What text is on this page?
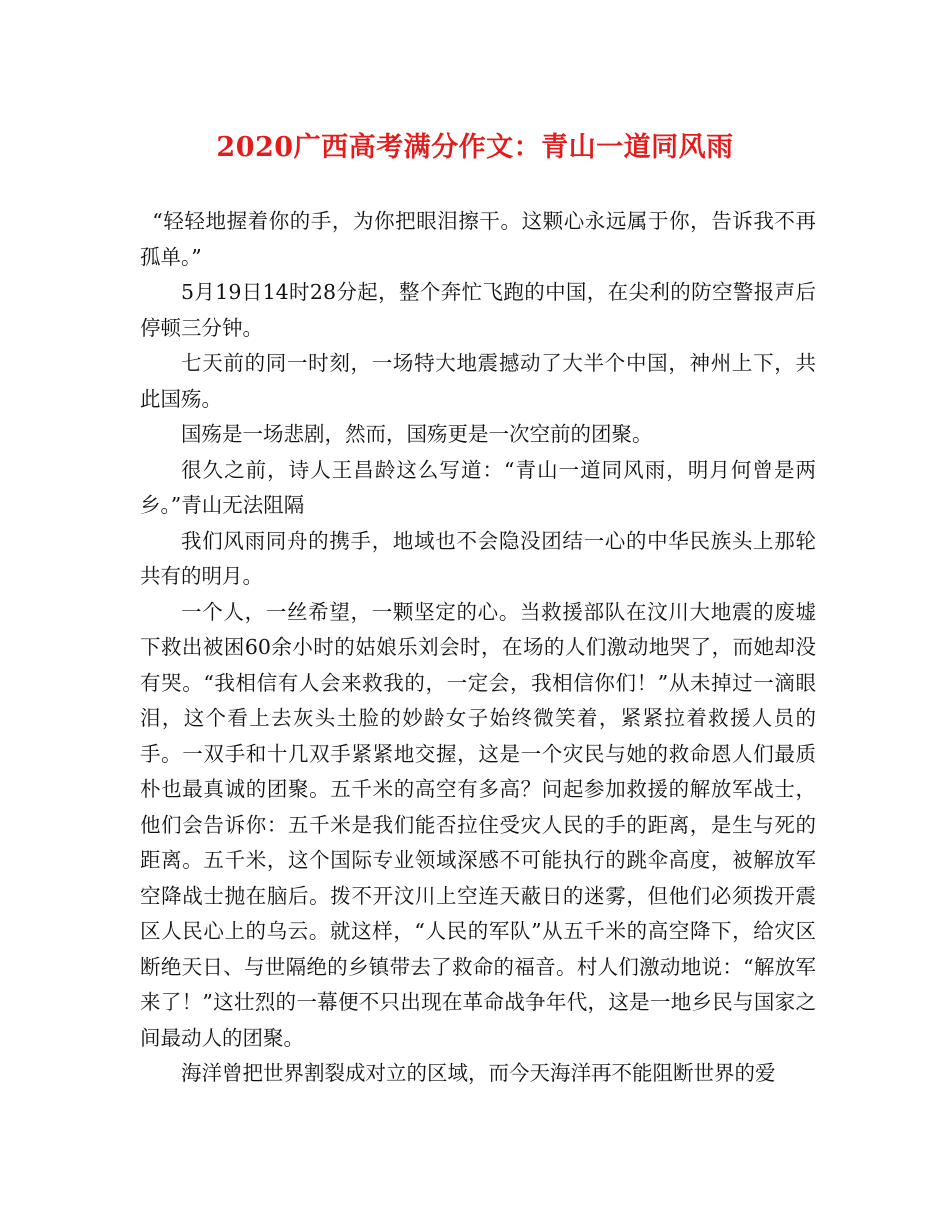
2020广西高考满分作文：青山一道同风雨

“轻轻地握着你的手，为你把眼泪擦干。这颗心永远属于你，告诉我不再孤单。”

5月19日14时28分起，整个奔忙飞跑的中国，在尖利的防空警报声后停顿三分钟。

七天前的同一时刻，一场特大地震撼动了大半个中国，神州上下，共此国殇。

国殇是一场悲剧，然而，国殇更是一次空前的团聚。

很久之前，诗人王昌龄这么写道：“青山一道同风雨，明月何曾是两乡。”青山无法阻隔

我们风雨同舟的携手，地域也不会隐没团结一心的中华民族头上那轮共有的明月。

一个人，一丝希望，一颗坚定的心。当救援部队在汶川大地震的废墟下救出被困60余小时的姑娘乐刘会时，在场的人们激动地哭了，而她却没有哭。“我相信有人会来救我的，一定会，我相信你们！”从未掉过一滴眼泪，这个看上去灰头土脸的妙龄女子始终微笑着，紧紧拉着救援人员的手。一双手和十几双手紧紧地交握，这是一个灾民与她的救命恩人们最质朴也最真诚的团聚。五千米的高空有多高？问起参加救援的解放军战士，他们会告诉你：五千米是我们能否拉住受灾人民的手的距离，是生与死的距离。五千米，这个国际专业领域深感不可能执行的跳伞高度，被解放军空降战士抛在脑后。拨不开汶川上空连天蔽日的迷雾，但他们必须拨开震区人民心上的乌云。就这样，“人民的军队”从五千米的高空降下，给灾区断绝天日、与世隔绝的乡镇带去了救命的福音。村人们激动地说：“解放军来了！”这壮烈的一幕便不只出现在革命战争年代，这是一地乡民与国家之间最动人的团聚。

海洋曾把世界割裂成对立的区域，而今天海洋再不能阻断世界的爱
